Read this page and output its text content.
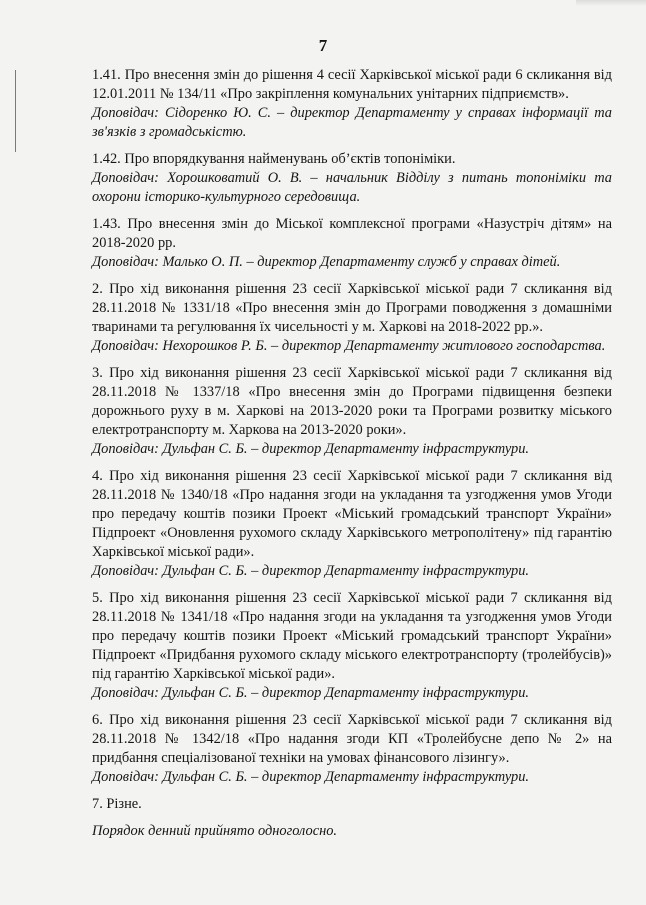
7

1.41. Про внесення змін до рішення 4 сесії Харківської міської ради 6 скликання від 12.01.2011 № 134/11 «Про закріплення комунальних унітарних підприємств».

Доповідач: Сідоренко Ю. С. – директор Департаменту у справах інформації та зв'язків з громадськістю.

1.42. Про впорядкування найменувань об’єктів топоніміки.

Доповідач: Хорошковатий О. В. – начальник Відділу з питань топоніміки та охорони історико-культурного середовища.

1.43. Про внесення змін до Міської комплексної програми «Назустріч дітям» на 2018-2020 рр.

Доповідач: Малько О. П. – директор Департаменту служб у справах дітей.

2. Про хід виконання рішення 23 сесії Харківської міської ради 7 скликання від 28.11.2018 № 1331/18 «Про внесення змін до Програми поводження з домашніми тваринами та регулювання їх чисельності у м. Харкові на 2018-2022 рр.».

Доповідач: Нехорошков Р. Б. – директор Департаменту житлового господарства.

3. Про хід виконання рішення 23 сесії Харківської міської ради 7 скликання від 28.11.2018 № 1337/18 «Про внесення змін до Програми підвищення безпеки дорожнього руху в м. Харкові на 2013-2020 роки та Програми розвитку міського електротранспорту м. Харкова на 2013-2020 роки».

Доповідач: Дульфан С. Б. – директор Департаменту інфраструктури.

4. Про хід виконання рішення 23 сесії Харківської міської ради 7 скликання від 28.11.2018 № 1340/18 «Про надання згоди на укладання та узгодження умов Угоди про передачу коштів позики Проект «Міський громадський транспорт України» Підпроект «Оновлення рухомого складу Харківського метрополітену» під гарантію Харківської міської ради».

Доповідач: Дульфан С. Б. – директор Департаменту інфраструктури.

5. Про хід виконання рішення 23 сесії Харківської міської ради 7 скликання від 28.11.2018 № 1341/18 «Про надання згоди на укладання та узгодження умов Угоди про передачу коштів позики Проект «Міський громадський транспорт України» Підпроект «Придбання рухомого складу міського електротранспорту (тролейбусів)» під гарантію Харківської міської ради».

Доповідач: Дульфан С. Б. – директор Департаменту інфраструктури.

6. Про хід виконання рішення 23 сесії Харківської міської ради 7 скликання від 28.11.2018 № 1342/18 «Про надання згоди КП «Тролейбусне депо № 2» на придбання спеціалізованої техніки на умовах фінансового лізингу».

Доповідач: Дульфан С. Б. – директор Департаменту інфраструктури.

7. Різне.

Порядок денний прийнято одноголосно.
